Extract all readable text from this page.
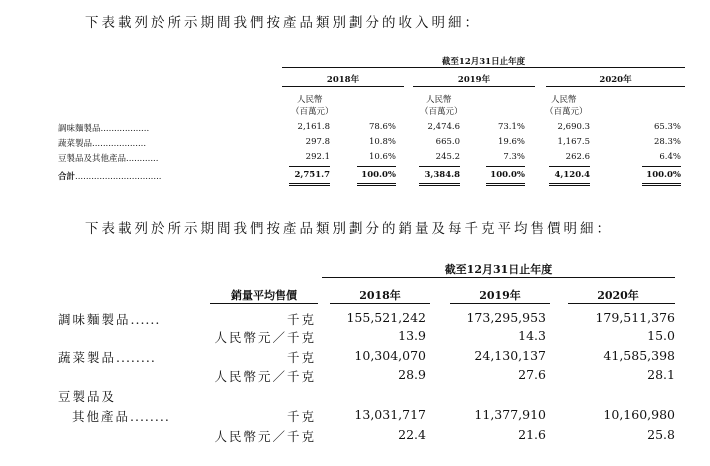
下表載列於所示期間我們按產品類別劃分的收入明細：
截至12月31日止年度
2018年	2019年	2020年
人民幣
（百萬元）
人民幣
（百萬元）
人民幣
（百萬元）
調味麵製品..................	2,161.8	78.6%	2,474.6	73.1%	2,690.3	65.3%
蔬菜製品....................	297.8	10.8%	665.0	19.6%	1,167.5	28.3%
豆製品及其他產品............	292.1	10.6%	245.2	7.3%	262.6	6.4%
合計................................	2,751.7	100.0%	3,384.8	100.0%	4,120.4	100.0%
下表載列於所示期間我們按產品類別劃分的銷量及每千克平均售價明細：
截至12月31日止年度
銷量平均售價	2018年	2019年	2020年
調味麵製品......	千克	155,521,242	173,295,953	179,511,376
人民幣元／千克	13.9	14.3	15.0
蔬菜製品........	千克	10,304,070	24,130,137	41,585,398
人民幣元／千克	28.9	27.6	28.1
豆製品及
其他產品........	千克	13,031,717	11,377,910	10,160,980
人民幣元／千克	22.4	21.6	25.8
